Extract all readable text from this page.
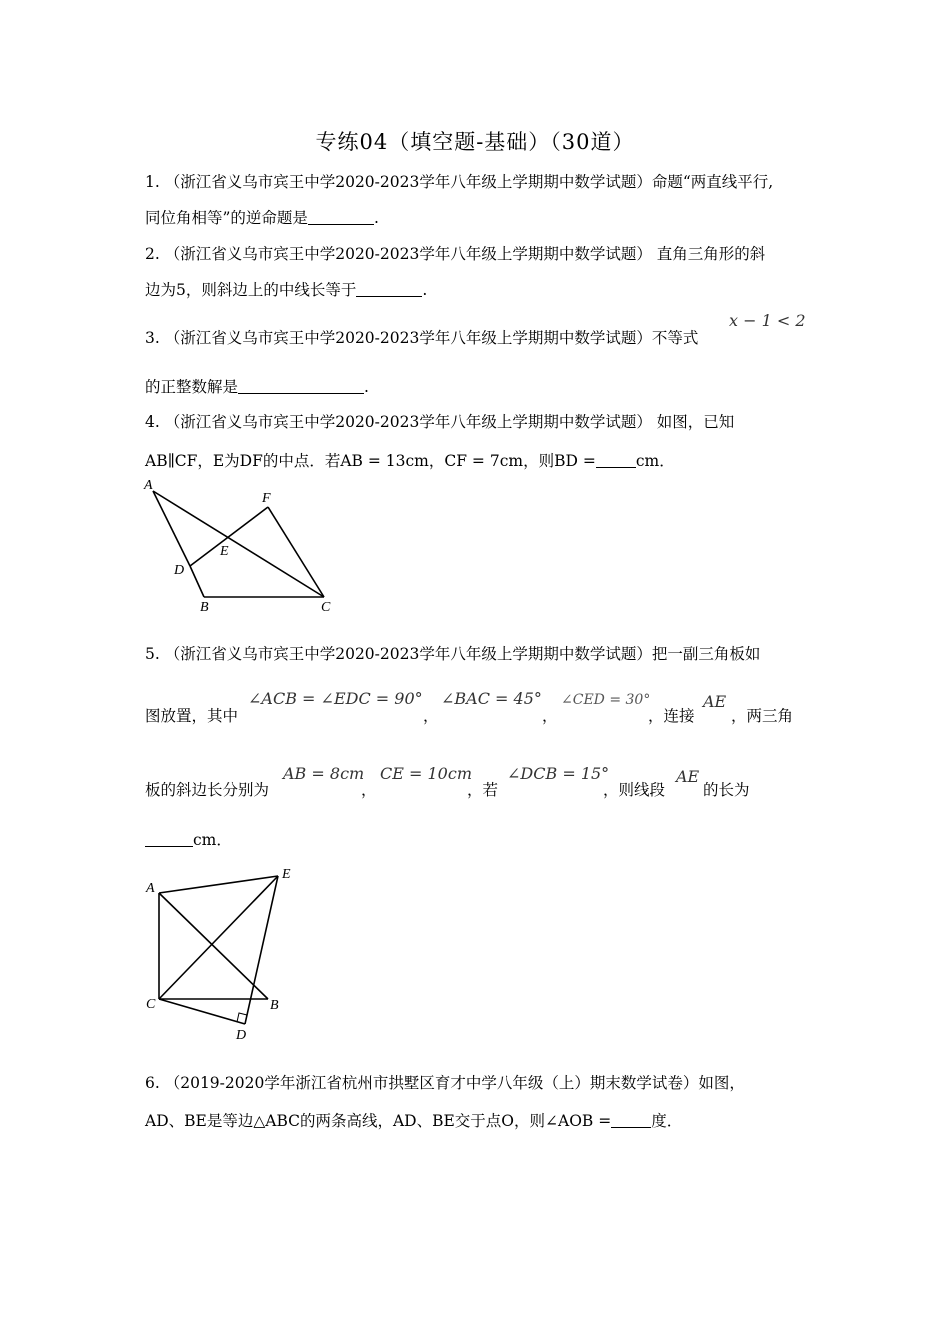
专练04（填空题-基础）（30道）
1. （浙江省义乌市宾王中学2020-2023学年八年级上学期期中数学试题）命题“两直线平行,
同位角相等”的逆命题是	.
2. （浙江省义乌市宾王中学2020-2023学年八年级上学期期中数学试题） 直角三角形的斜
边为5，则斜边上的中线长等于	.
3. （浙江省义乌市宾王中学2020-2023学年八年级上学期期中数学试题）不等式
x − 1 < 2
的正整数解是	.
4. （浙江省义乌市宾王中学2020-2023学年八年级上学期期中数学试题） 如图，已知
AB∥CF，E为DF的中点．若AB = 13cm，CF = 7cm，则BD =	cm．
A
F
E
D
B	C
5. （浙江省义乌市宾王中学2020-2023学年八年级上学期期中数学试题）把一副三角板如
图放置，其中
∠ACB = ∠EDC = 90°
，
∠BAC = 45°
，
∠CED = 30°
，连接
AE
，两三角
板的斜边长分别为
AB = 8cm
，
CE = 10cm
，若
∠DCB = 15°
，则线段
AE
的长为
cm．
A
E
C	B
D
6. （2019-2020学年浙江省杭州市拱墅区育才中学八年级（上）期末数学试卷）如图，
AD、BE是等边△ABC的两条高线，AD、BE交于点O，则∠AOB =	度．
